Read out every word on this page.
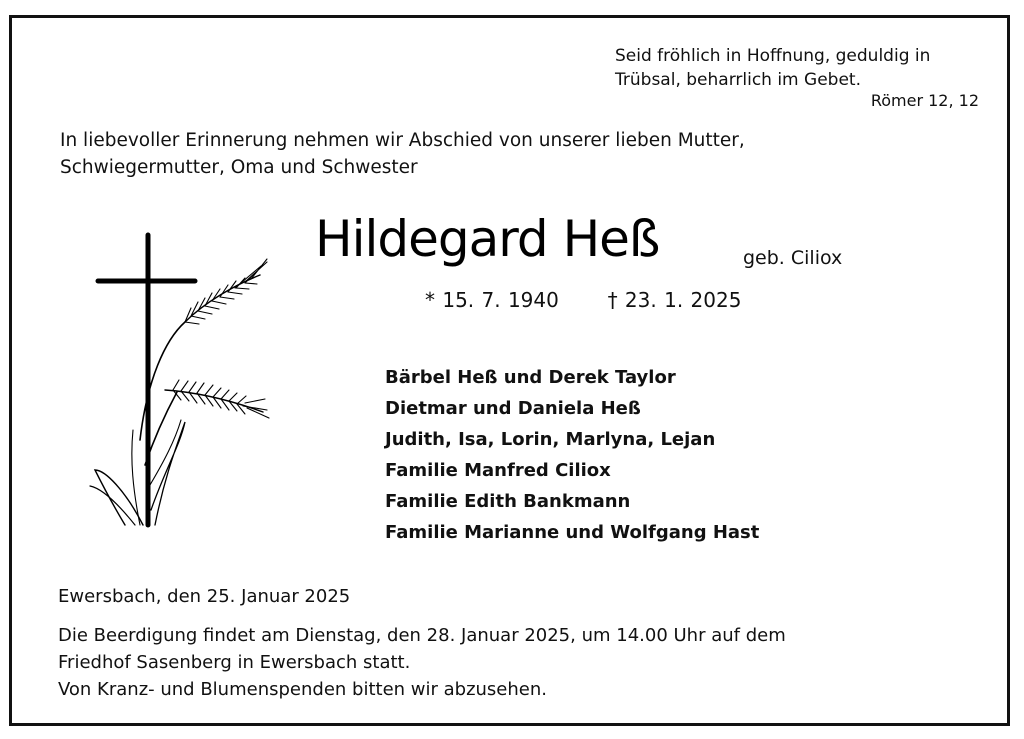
Seid fröhlich in Hoffnung, geduldig in
Trübsal, beharrlich im Gebet.
Römer 12, 12
In liebevoller Erinnerung nehmen wir Abschied von unserer lieben Mutter,
Schwiegermutter, Oma und Schwester
Hildegard Heß	geb. Ciliox
* 15. 7. 1940 † 23. 1. 2025
Bärbel Heß und Derek Taylor
Dietmar und Daniela Heß
Judith, Isa, Lorin, Marlyna, Lejan
Familie Manfred Ciliox
Familie Edith Bankmann
Familie Marianne und Wolfgang Hast
Ewersbach, den 25. Januar 2025
Die Beerdigung findet am Dienstag, den 28. Januar 2025, um 14.00 Uhr auf dem
Friedhof Sasenberg in Ewersbach statt.
Von Kranz- und Blumenspenden bitten wir abzusehen.
